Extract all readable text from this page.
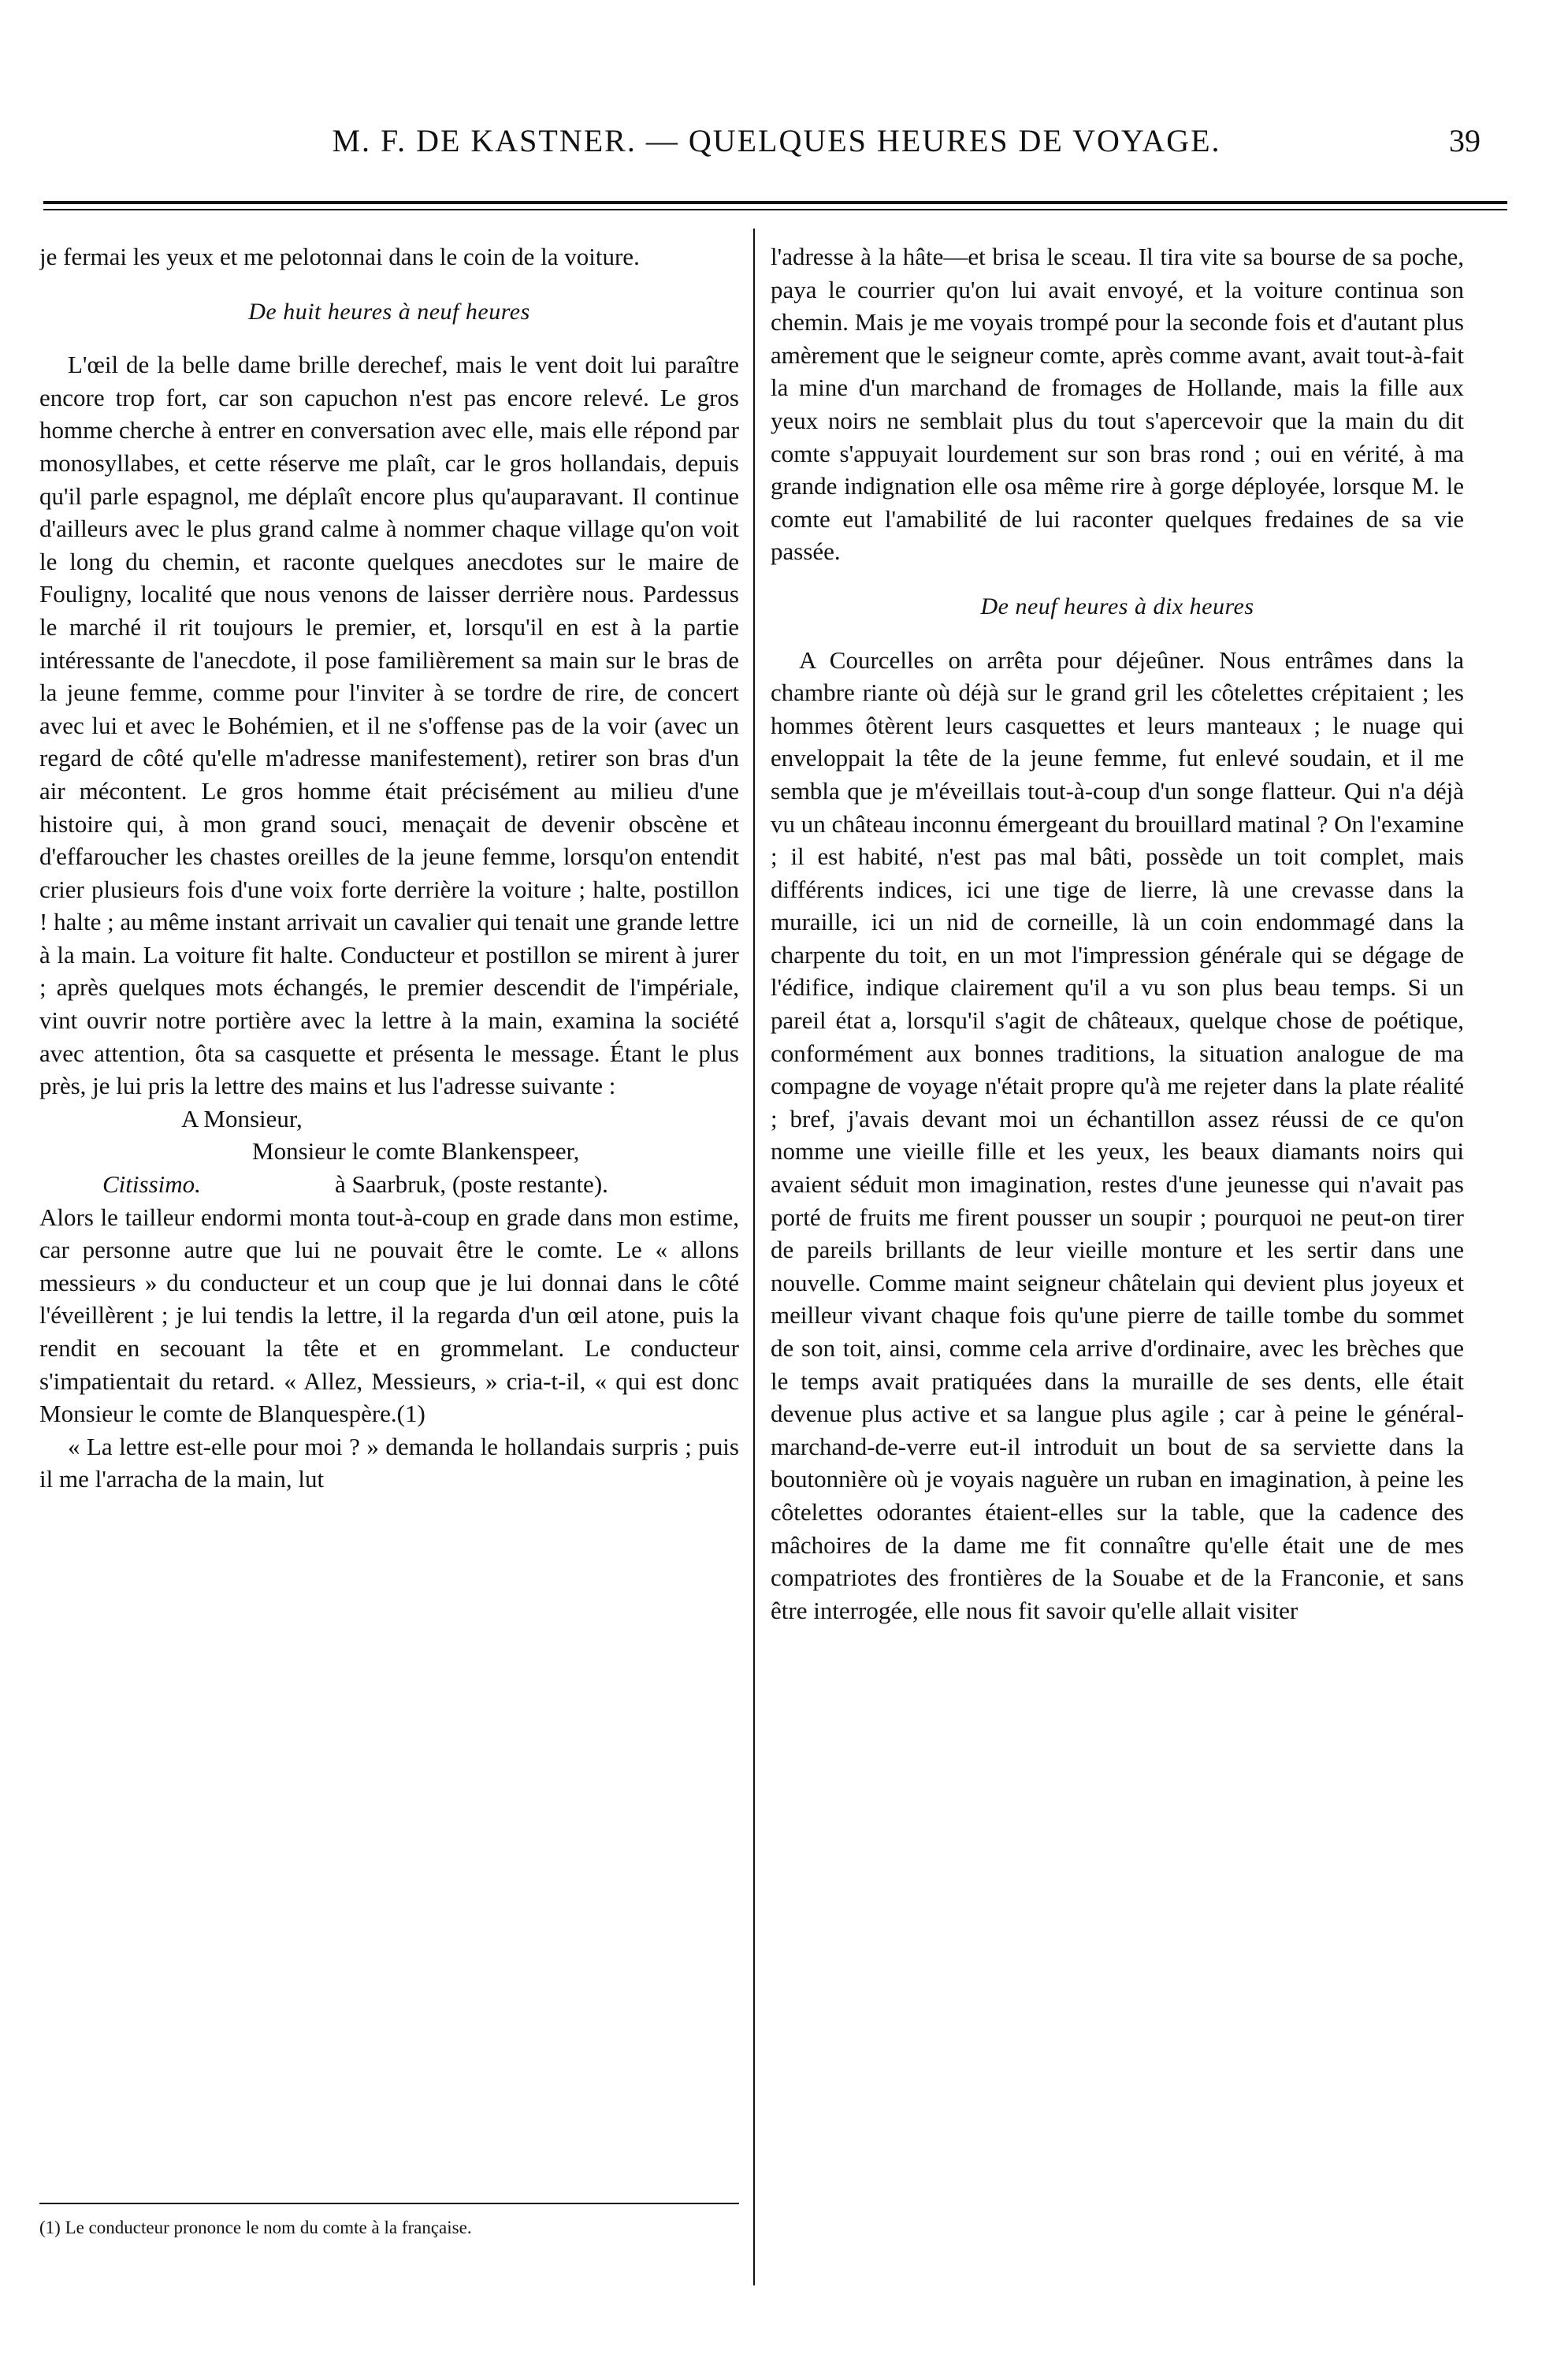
M. F. DE KASTNER. — QUELQUES HEURES DE VOYAGE.	39

je fermai les yeux et me pelotonnai dans le coin de la voiture.

De huit heures à neuf heures

L'œil de la belle dame brille derechef, mais le vent doit lui paraître encore trop fort, car son capuchon n'est pas encore relevé. Le gros homme cherche à entrer en conversation avec elle, mais elle répond par monosyllabes, et cette réserve me plaît, car le gros hollandais, depuis qu'il parle espagnol, me déplaît encore plus qu'auparavant. Il continue d'ailleurs avec le plus grand calme à nommer chaque village qu'on voit le long du chemin, et raconte quelques anecdotes sur le maire de Fouligny, localité que nous venons de laisser derrière nous. Pardessus le marché il rit toujours le premier, et, lorsqu'il en est à la partie intéressante de l'anecdote, il pose familièrement sa main sur le bras de la jeune femme, comme pour l'inviter à se tordre de rire, de concert avec lui et avec le Bohémien, et il ne s'offense pas de la voir (avec un regard de côté qu'elle m'adresse manifestement), retirer son bras d'un air mécontent. Le gros homme était précisément au milieu d'une histoire qui, à mon grand souci, menaçait de devenir obscène et d'effaroucher les chastes oreilles de la jeune femme, lorsqu'on entendit crier plusieurs fois d'une voix forte derrière la voiture ; halte, postillon ! halte ; au même instant arrivait un cavalier qui tenait une grande lettre à la main. La voiture fit halte. Conducteur et postillon se mirent à jurer ; après quelques mots échangés, le premier descendit de l'impériale, vint ouvrir notre portière avec la lettre à la main, examina la société avec attention, ôta sa casquette et présenta le message. Étant le plus près, je lui pris la lettre des mains et lus l'adresse suivante :

A Monsieur,
Monsieur le comte Blankenspeer,
Citissimo.	à Saarbruk, (poste restante).

Alors le tailleur endormi monta tout-à-coup en grade dans mon estime, car personne autre que lui ne pouvait être le comte. Le « allons messieurs » du conducteur et un coup que je lui donnai dans le côté l'éveillèrent ; je lui tendis la lettre, il la regarda d'un œil atone, puis la rendit en secouant la tête et en grommelant. Le conducteur s'impatientait du retard. « Allez, Messieurs, » cria-t-il, « qui est donc Monsieur le comte de Blanquespère.(1)

« La lettre est-elle pour moi ? » demanda le hollandais surpris ; puis il me l'arracha de la main, lut

(1) Le conducteur prononce le nom du comte à la française.

l'adresse à la hâte—et brisa le sceau. Il tira vite sa bourse de sa poche, paya le courrier qu'on lui avait envoyé, et la voiture continua son chemin. Mais je me voyais trompé pour la seconde fois et d'autant plus amèrement que le seigneur comte, après comme avant, avait tout-à-fait la mine d'un marchand de fromages de Hollande, mais la fille aux yeux noirs ne semblait plus du tout s'apercevoir que la main du dit comte s'appuyait lourdement sur son bras rond ; oui en vérité, à ma grande indignation elle osa même rire à gorge déployée, lorsque M. le comte eut l'amabilité de lui raconter quelques fredaines de sa vie passée.

De neuf heures à dix heures

A Courcelles on arrêta pour déjeûner. Nous entrâmes dans la chambre riante où déjà sur le grand gril les côtelettes crépitaient ; les hommes ôtèrent leurs casquettes et leurs manteaux ; le nuage qui enveloppait la tête de la jeune femme, fut enlevé soudain, et il me sembla que je m'éveillais tout-à-coup d'un songe flatteur. Qui n'a déjà vu un château inconnu émergeant du brouillard matinal ? On l'examine ; il est habité, n'est pas mal bâti, possède un toit complet, mais différents indices, ici une tige de lierre, là une crevasse dans la muraille, ici un nid de corneille, là un coin endommagé dans la charpente du toit, en un mot l'impression générale qui se dégage de l'édifice, indique clairement qu'il a vu son plus beau temps. Si un pareil état a, lorsqu'il s'agit de châteaux, quelque chose de poétique, conformément aux bonnes traditions, la situation analogue de ma compagne de voyage n'était propre qu'à me rejeter dans la plate réalité ; bref, j'avais devant moi un échantillon assez réussi de ce qu'on nomme une vieille fille et les yeux, les beaux diamants noirs qui avaient séduit mon imagination, restes d'une jeunesse qui n'avait pas porté de fruits me firent pousser un soupir ; pourquoi ne peut-on tirer de pareils brillants de leur vieille monture et les sertir dans une nouvelle. Comme maint seigneur châtelain qui devient plus joyeux et meilleur vivant chaque fois qu'une pierre de taille tombe du sommet de son toit, ainsi, comme cela arrive d'ordinaire, avec les brèches que le temps avait pratiquées dans la muraille de ses dents, elle était devenue plus active et sa langue plus agile ; car à peine le général-marchand-de-verre eut-il introduit un bout de sa serviette dans la boutonnière où je voyais naguère un ruban en imagination, à peine les côtelettes odorantes étaient-elles sur la table, que la cadence des mâchoires de la dame me fit connaître qu'elle était une de mes compatriotes des frontières de la Souabe et de la Franconie, et sans être interrogée, elle nous fit savoir qu'elle allait visiter
